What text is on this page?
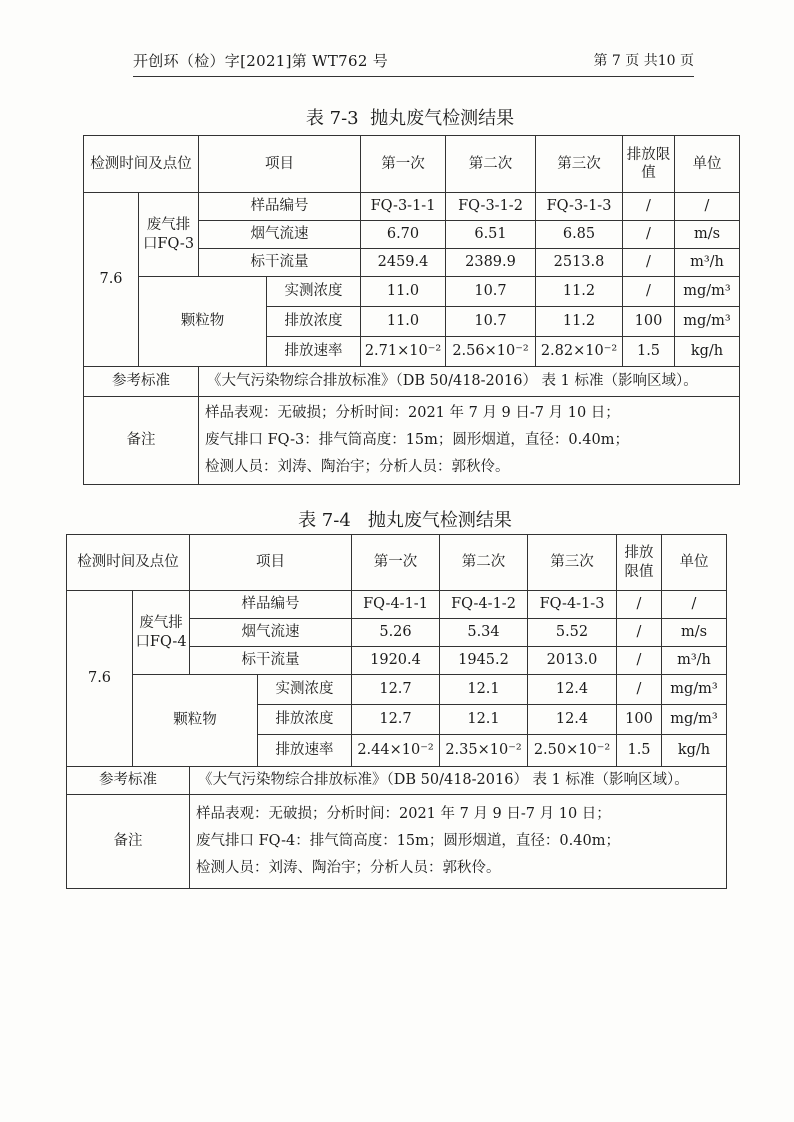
开创环（检）字[2021]第 WT762 号	第 7 页 共10 页
表 7-3  抛丸废气检测结果
检测时间及点位		项目		第一次	第二次	第三次	排放限值	单位
7.6	废气排口FQ-3	样品编号		FQ-3-1-1	FQ-3-1-2	FQ-3-1-3	/	/
		烟气流速		6.70	6.51	6.85	/	m/s
		标干流量		2459.4	2389.9	2513.8	/	m³/h
	颗粒物		实测浓度	11.0	10.7	11.2	/	mg/m³
			排放浓度	11.0	10.7	11.2	100	mg/m³
			排放速率	2.71×10⁻²	2.56×10⁻²	2.82×10⁻²	1.5	kg/h
参考标准		《大气污染物综合排放标准》（DB 50/418-2016） 表 1 标准（影响区域）。						
备注		样品表观：无破损；分析时间：2021 年 7 月 9 日-7 月 10 日；
废气排口 FQ-3：排气筒高度：15m；圆形烟道，直径：0.40m；
检测人员：刘涛、陶治宇；分析人员：郭秋伶。						
表 7-4   抛丸废气检测结果
检测时间及点位		项目		第一次	第二次	第三次	排放限值	单位
7.6	废气排口FQ-4	样品编号		FQ-4-1-1	FQ-4-1-2	FQ-4-1-3	/	/
		烟气流速		5.26	5.34	5.52	/	m/s
		标干流量		1920.4	1945.2	2013.0	/	m³/h
	颗粒物		实测浓度	12.7	12.1	12.4	/	mg/m³
			排放浓度	12.7	12.1	12.4	100	mg/m³
			排放速率	2.44×10⁻²	2.35×10⁻²	2.50×10⁻²	1.5	kg/h
参考标准		《大气污染物综合排放标准》（DB 50/418-2016） 表 1 标准（影响区域）。						
备注		样品表观：无破损；分析时间：2021 年 7 月 9 日-7 月 10 日；
废气排口 FQ-4：排气筒高度：15m；圆形烟道，直径：0.40m；
检测人员：刘涛、陶治宇；分析人员：郭秋伶。						
